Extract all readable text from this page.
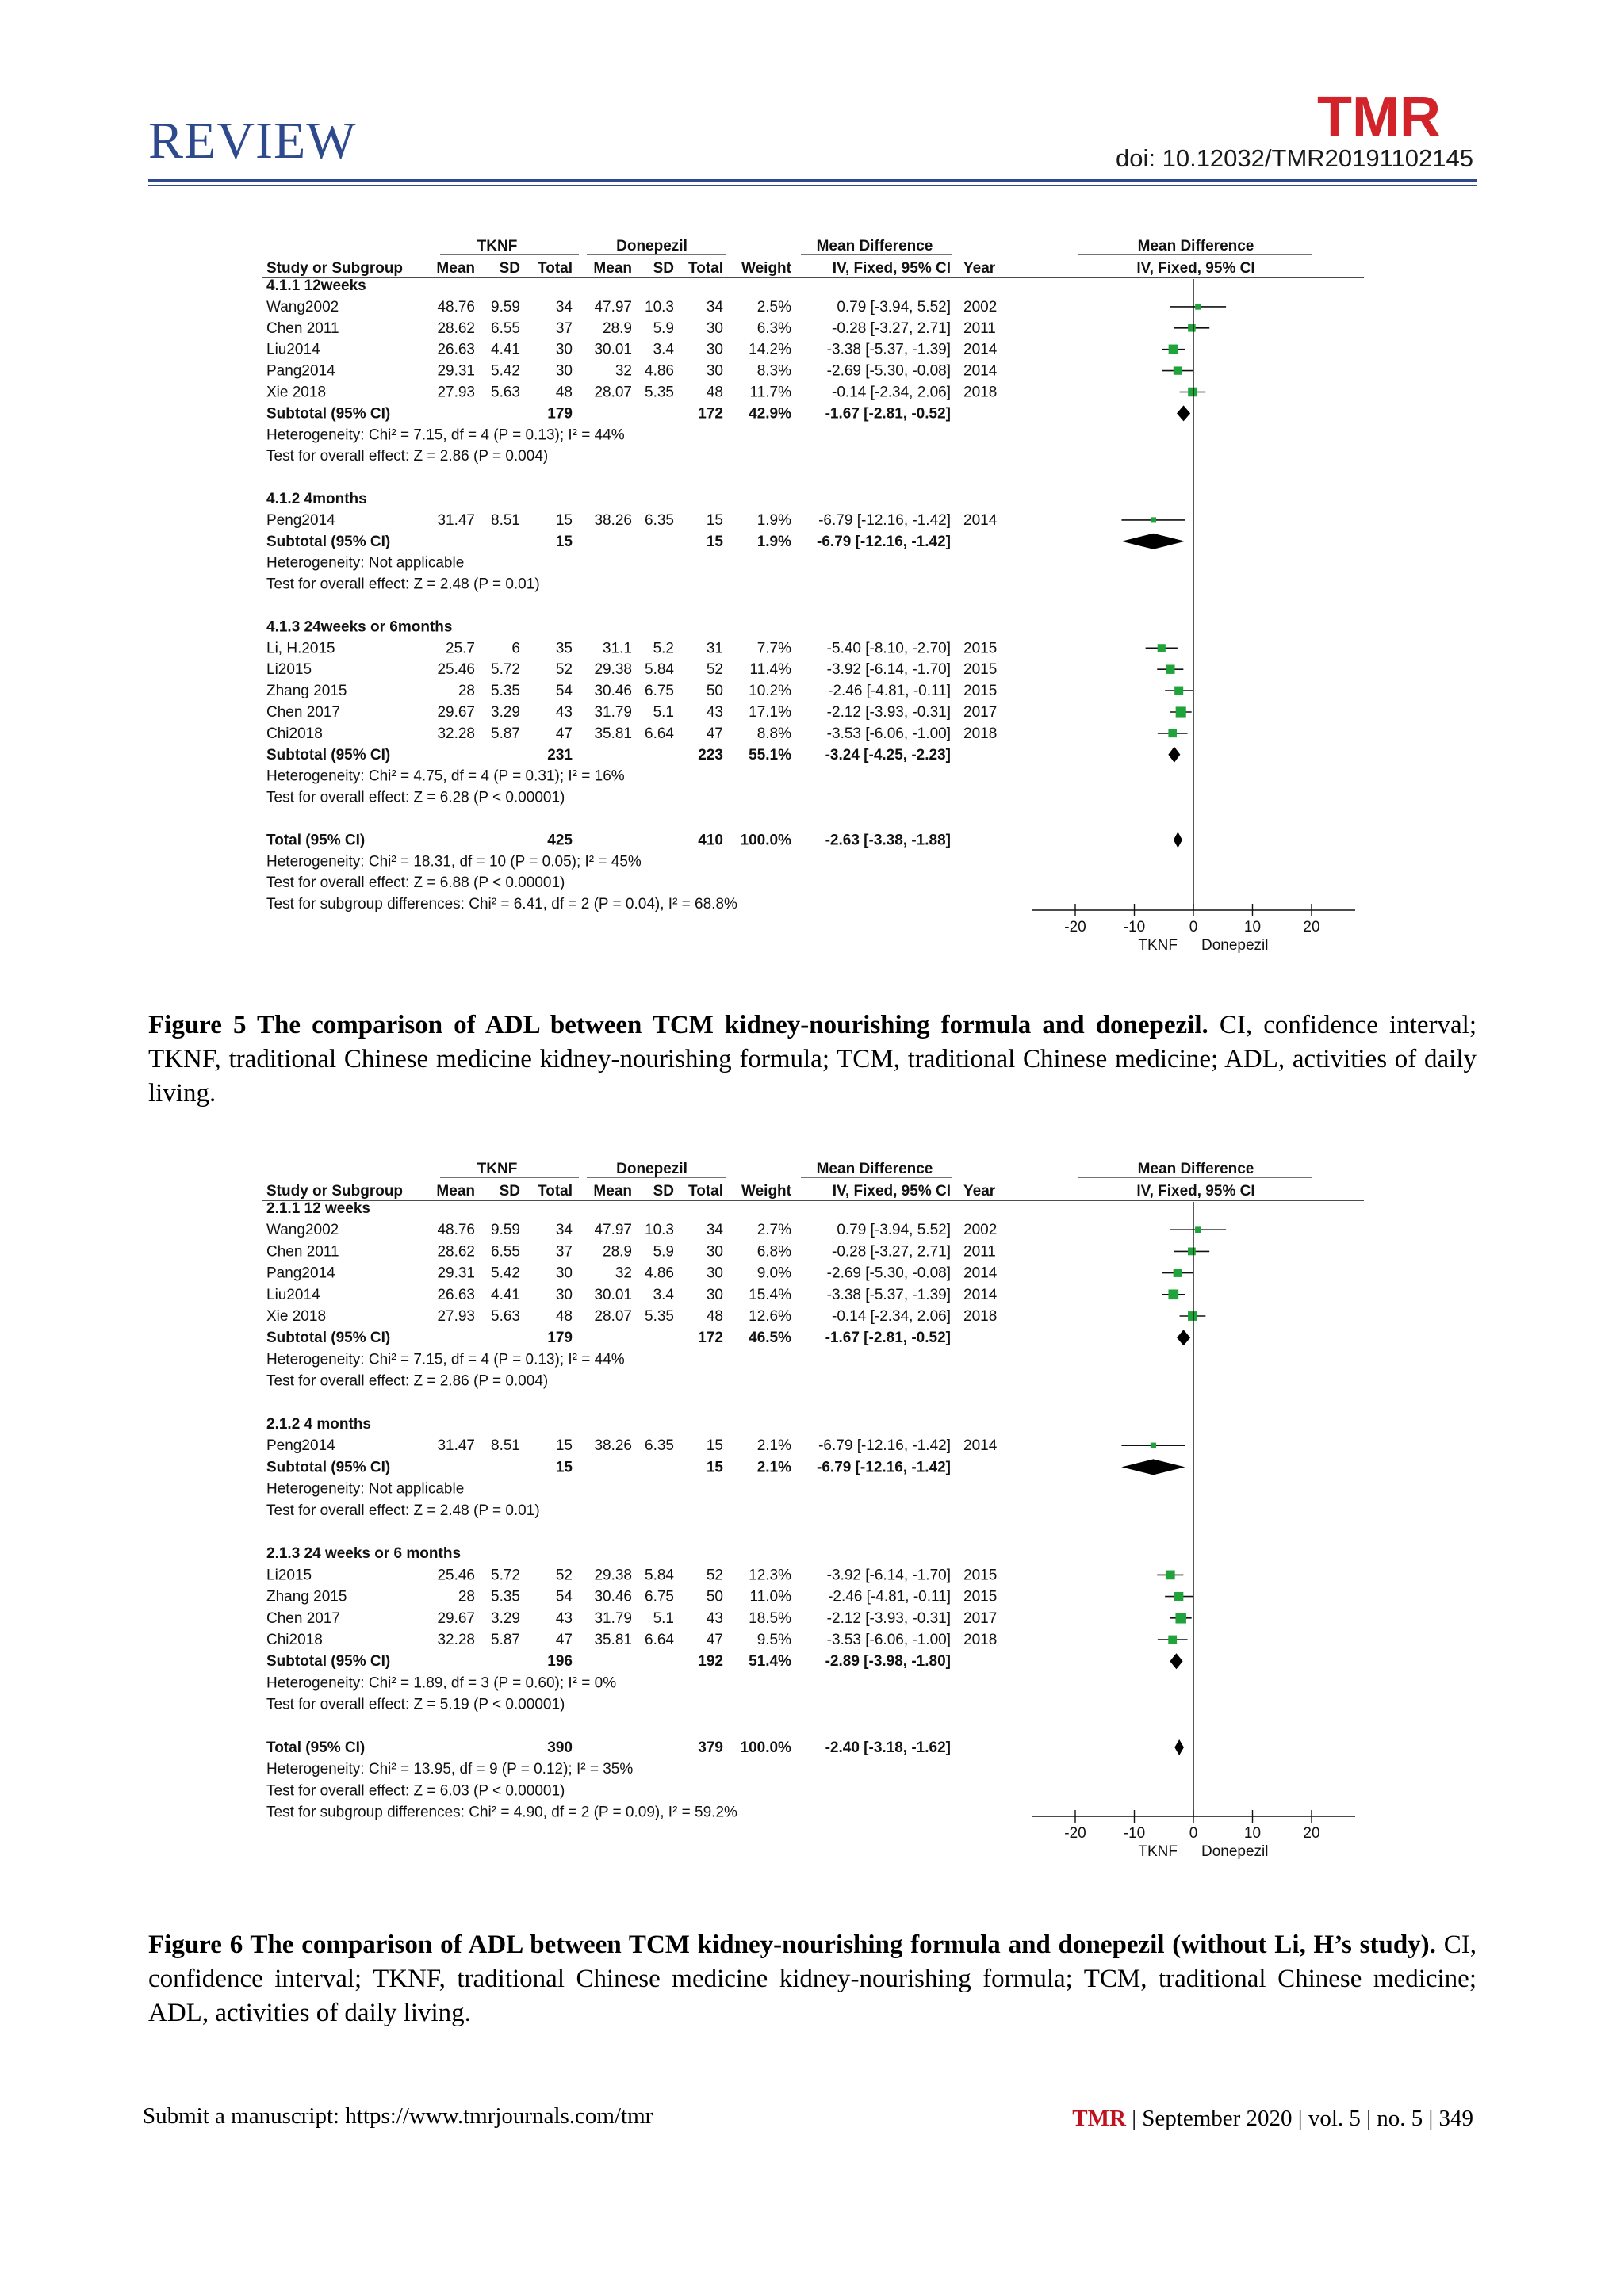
REVIEW	TMR
doi: 10.12032/TMR20191102145
TKNF	Donepezil	Mean Difference	Mean Difference
Study or Subgroup Mean SD Total Mean SD Total Weight	IV, Fixed, 95% CI Year	IV, Fixed, 95% CI
4.1.1 12weeks
Wang2002	48.76 9.59 34 47.97 10.3 34 2.5%	0.79 [-3.94, 5.52] 2002
Chen 2011	28.62 6.55 37 28.9 5.9 30 6.3%	-0.28 [-3.27, 2.71] 2011
Liu2014	26.63 4.41 30 30.01 3.4 30 14.2% -3.38 [-5.37, -1.39] 2014
Pang2014	29.31 5.42 30	32 4.86 30 8.3% -2.69 [-5.30, -0.08] 2014
Xie 2018	27.93 5.63 48 28.07 5.35 48 11.7%	-0.14 [-2.34, 2.06] 2018
Subtotal (95% CI)	179	172 42.9% -1.67 [-2.81, -0.52]
Heterogeneity: Chi² = 7.15, df = 4 (P = 0.13); I² = 44%
Test for overall effect: Z = 2.86 (P = 0.004)
4.1.2 4months
Peng2014	31.47 8.51 15 38.26 6.35 15 1.9% -6.79 [-12.16, -1.42] 2014
Subtotal (95% CI)	15	15 1.9% -6.79 [-12.16, -1.42]
Heterogeneity: Not applicable
Test for overall effect: Z = 2.48 (P = 0.01)
4.1.3 24weeks or 6months
Li, H.2015	25.7 6 35 31.1 5.2 31 7.7% -5.40 [-8.10, -2.70] 2015
Li2015	25.46 5.72 52 29.38 5.84 52 11.4% -3.92 [-6.14, -1.70] 2015
Zhang 2015	28 5.35 54 30.46 6.75 50 10.2% -2.46 [-4.81, -0.11] 2015
Chen 2017	29.67 3.29 43 31.79 5.1 43 17.1% -2.12 [-3.93, -0.31] 2017
Chi2018	32.28 5.87 47 35.81 6.64 47 8.8% -3.53 [-6.06, -1.00] 2018
Subtotal (95% CI)	231	223 55.1% -3.24 [-4.25, -2.23]
Heterogeneity: Chi² = 4.75, df = 4 (P = 0.31); I² = 16%
Test for overall effect: Z = 6.28 (P < 0.00001)
Total (95% CI)	425	410 100.0% -2.63 [-3.38, -1.88]
Heterogeneity: Chi² = 18.31, df = 10 (P = 0.05); I² = 45%
Test for overall effect: Z = 6.88 (P < 0.00001)
Test for subgroup differences: Chi² = 6.41, df = 2 (P = 0.04), I² = 68.8%
-20 -10	0	10	20
TKNF Donepezil
Figure 5 The comparison of ADL between TCM kidney-nourishing formula and donepezil. CI, confidence interval; TKNF, traditional Chinese medicine kidney-nourishing formula; TCM, traditional Chinese medicine; ADL, activities of daily living.
TKNF	Donepezil	Mean Difference	Mean Difference
Study or Subgroup Mean SD Total Mean SD Total Weight	IV, Fixed, 95% CI Year	IV, Fixed, 95% CI
2.1.1 12 weeks
Wang2002	48.76 9.59 34 47.97 10.3 34 2.7%	0.79 [-3.94, 5.52] 2002
Chen 2011	28.62 6.55 37 28.9 5.9 30 6.8%	-0.28 [-3.27, 2.71] 2011
Pang2014	29.31 5.42 30	32 4.86 30 9.0% -2.69 [-5.30, -0.08] 2014
Liu2014	26.63 4.41 30 30.01 3.4 30 15.4% -3.38 [-5.37, -1.39] 2014
Xie 2018	27.93 5.63 48 28.07 5.35 48 12.6%	-0.14 [-2.34, 2.06] 2018
Subtotal (95% CI)	179	172 46.5% -1.67 [-2.81, -0.52]
Heterogeneity: Chi² = 7.15, df = 4 (P = 0.13); I² = 44%
Test for overall effect: Z = 2.86 (P = 0.004)
2.1.2 4 months
Peng2014	31.47 8.51 15 38.26 6.35 15 2.1% -6.79 [-12.16, -1.42] 2014
Subtotal (95% CI)	15	15 2.1% -6.79 [-12.16, -1.42]
Heterogeneity: Not applicable
Test for overall effect: Z = 2.48 (P = 0.01)
2.1.3 24 weeks or 6 months
Li2015	25.46 5.72 52 29.38 5.84 52 12.3% -3.92 [-6.14, -1.70] 2015
Zhang 2015	28 5.35 54 30.46 6.75 50 11.0% -2.46 [-4.81, -0.11] 2015
Chen 2017	29.67 3.29 43 31.79 5.1 43 18.5% -2.12 [-3.93, -0.31] 2017
Chi2018	32.28 5.87 47 35.81 6.64 47 9.5% -3.53 [-6.06, -1.00] 2018
Subtotal (95% CI)	196	192 51.4% -2.89 [-3.98, -1.80]
Heterogeneity: Chi² = 1.89, df = 3 (P = 0.60); I² = 0%
Test for overall effect: Z = 5.19 (P < 0.00001)
Total (95% CI)	390	379 100.0% -2.40 [-3.18, -1.62]
Heterogeneity: Chi² = 13.95, df = 9 (P = 0.12); I² = 35%
Test for overall effect: Z = 6.03 (P < 0.00001)
Test for subgroup differences: Chi² = 4.90, df = 2 (P = 0.09), I² = 59.2%
-20 -10	0	10	20
TKNF Donepezil
Figure 6 The comparison of ADL between TCM kidney-nourishing formula and donepezil (without Li, H’s study). CI, confidence interval; TKNF, traditional Chinese medicine kidney-nourishing formula; TCM, traditional Chinese medicine; ADL, activities of daily living.
Submit a manuscript: https://www.tmrjournals.com/tmr	TMR | September 2020 | vol. 5 | no. 5 | 349
